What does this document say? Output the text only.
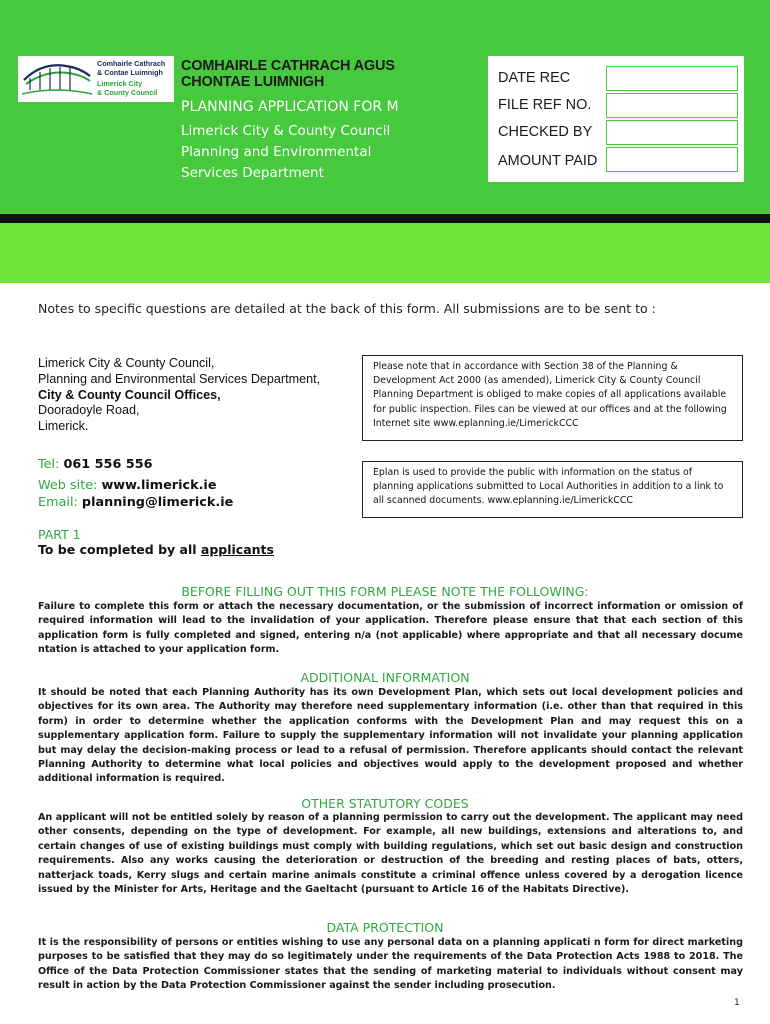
Comhairle Cathrach
& Contae Luimnigh
Limerick City
& County Council
COMHAIRLE CATHRACH AGUS
CHONTAE LUIMNIGH
PLANNING APPLICATION FOR M
Limerick City & County Council
Planning and Environmental
Services Department
DATE REC
FILE REF NO.
CHECKED BY
AMOUNT PAID
Notes to specific questions are detailed at the back of this form. All submissions are to be sent to :
Limerick City & County Council,
Planning and Environmental Services Department,
City & County Council Offices,
Dooradoyle Road,
Limerick.
Tel: 061 556 556
Web site: www.limerick.ie
Email: planning@limerick.ie
Please note that in accordance with Section 38 of the Planning & Development Act 2000 (as amended), Limerick City & County Council Planning Department is obliged to make copies of all applications available for public inspection. Files can be viewed at our offices and at the following Internet site www.eplanning.ie/LimerickCCC
Eplan is used to provide the public with information on the status of planning applications submitted to Local Authorities in addition to a link to all scanned documents. www.eplanning.ie/LimerickCCC
PART 1
To be completed by all applicants
BEFORE FILLING OUT THIS FORM PLEASE NOTE THE FOLLOWING:
Failure to complete this form or attach the necessary documentation, or the submission of incorrect information or omission of required information will lead to the invalidation of your application. Therefore please ensure that that each section of this application form is fully completed and signed, entering n/a (not applicable) where appropriate and that all necessary docume ntation is attached to your application form.
ADDITIONAL INFORMATION
It should be noted that each Planning Authority has its own Development Plan, which sets out local development policies and objectives for its own area. The Authority may therefore need supplementary information (i.e. other than that required in this form) in order to determine whether the application conforms with the Development Plan and may request this on a supplementary application form. Failure to supply the supplementary information will not invalidate your planning application but may delay the decision-making process or lead to a refusal of permission. Therefore applicants should contact the relevant Planning Authority to determine what local policies and objectives would apply to the development proposed and whether additional information is required.
OTHER STATUTORY CODES
An applicant will not be entitled solely by reason of a planning permission to carry out the development. The applicant may need other consents, depending on the type of development. For example, all new buildings, extensions and alterations to, and certain changes of use of existing buildings must comply with building regulations, which set out basic design and construction requirements. Also any works causing the deterioration or destruction of the breeding and resting places of bats, otters, natterjack toads, Kerry slugs and certain marine animals constitute a criminal offence unless covered by a derogation licence issued by the Minister for Arts, Heritage and the Gaeltacht (pursuant to Article 16 of the Habitats Directive).
DATA PROTECTION
It is the responsibility of persons or entities wishing to use any personal data on a planning applicati n form for direct marketing purposes to be satisfied that they may do so legitimately under the requirements of the Data Protection Acts 1988 to 2018. The Office of the Data Protection Commissioner states that the sending of marketing material to individuals without consent may result in action by the Data Protection Commissioner against the sender including prosecution.
1
